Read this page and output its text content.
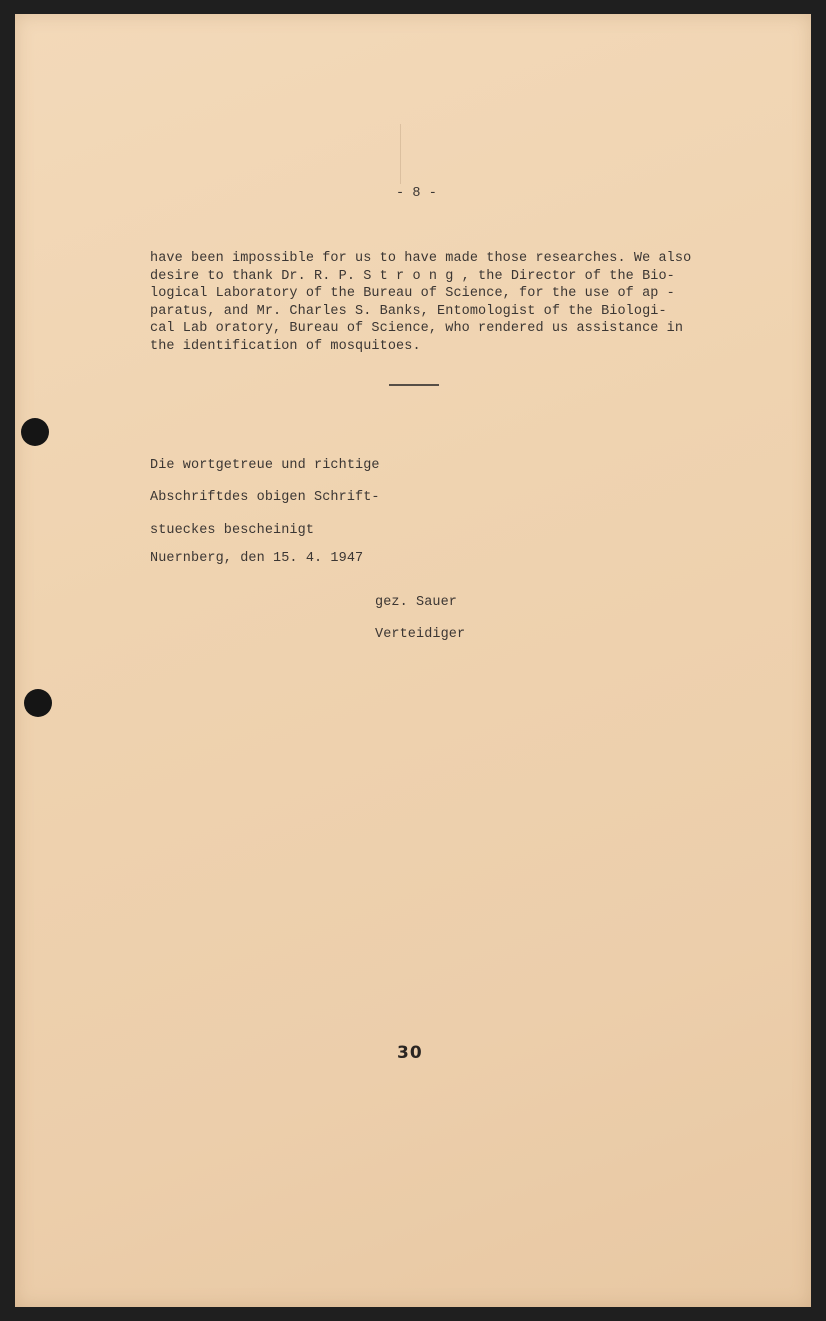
- 8 -
have been impossible for us to have made those researches. We also
desire to thank Dr. R. P. S t r o n g , the Director of the Bio-
logical Laboratory of the Bureau of Science, for the use of ap -
paratus, and Mr. Charles S. Banks, Entomologist of the Biologi-
cal Lab oratory, Bureau of Science, who rendered us assistance in
the identification of mosquitoes.
Die wortgetreue und richtige
Abschriftdes obigen Schrift-
stueckes bescheinigt
Nuernberg, den 15. 4. 1947
gez. Sauer
Verteidiger
30
